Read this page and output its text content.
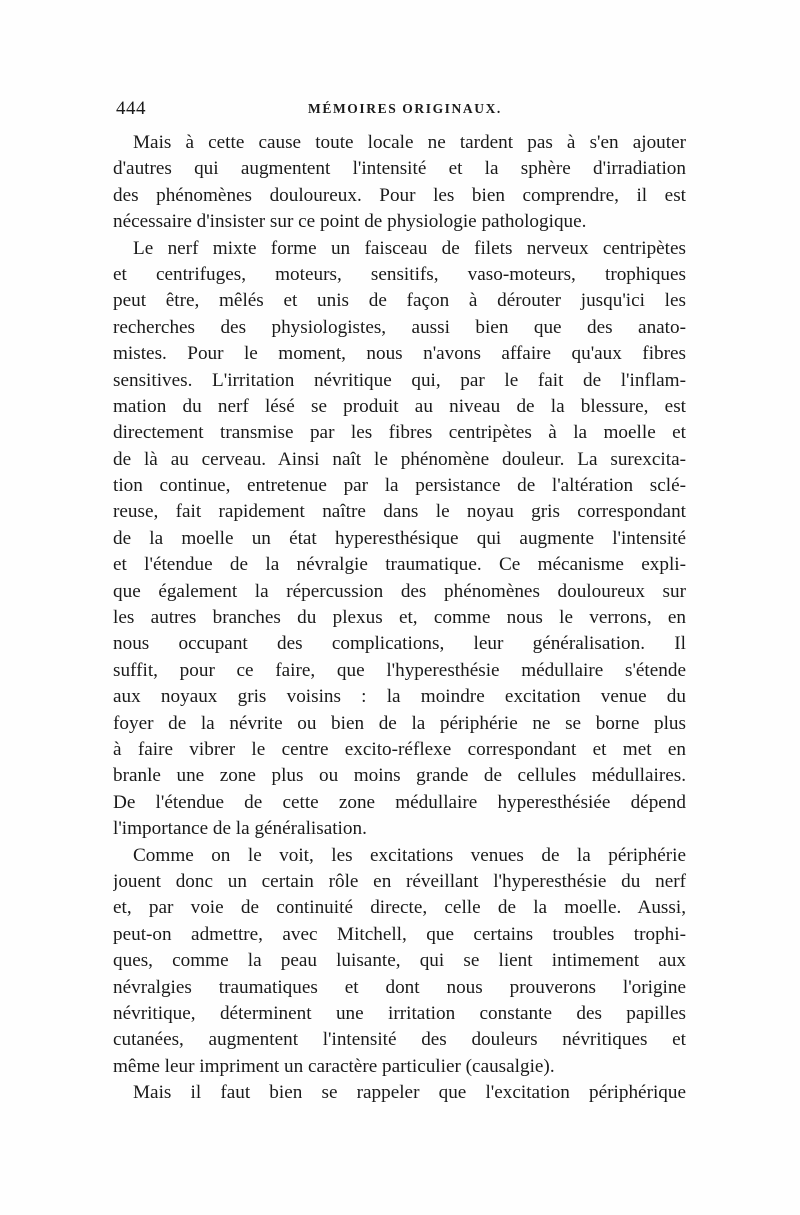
444	MÉMOIRES ORIGINAUX.
Mais à cette cause toute locale ne tardent pas à s'en ajouter
d'autres qui augmentent l'intensité et la sphère d'irradiation
des phénomènes douloureux. Pour les bien comprendre, il est
nécessaire d'insister sur ce point de physiologie pathologique.
Le nerf mixte forme un faisceau de filets nerveux centripètes
et centrifuges, moteurs, sensitifs, vaso-moteurs, trophiques
peut être, mêlés et unis de façon à dérouter jusqu'ici les
recherches des physiologistes, aussi bien que des anato-
mistes. Pour le moment, nous n'avons affaire qu'aux fibres
sensitives. L'irritation névritique qui, par le fait de l'inflam-
mation du nerf lésé se produit au niveau de la blessure, est
directement transmise par les fibres centripètes à la moelle et
de là au cerveau. Ainsi naît le phénomène douleur. La surexcita-
tion continue, entretenue par la persistance de l'altération sclé-
reuse, fait rapidement naître dans le noyau gris correspondant
de la moelle un état hyperesthésique qui augmente l'intensité
et l'étendue de la névralgie traumatique. Ce mécanisme expli-
que également la répercussion des phénomènes douloureux sur
les autres branches du plexus et, comme nous le verrons, en
nous occupant des complications, leur généralisation. Il
suffit, pour ce faire, que l'hyperesthésie médullaire s'étende
aux noyaux gris voisins : la moindre excitation venue du
foyer de la névrite ou bien de la périphérie ne se borne plus
à faire vibrer le centre excito-réflexe correspondant et met en
branle une zone plus ou moins grande de cellules médullaires.
De l'étendue de cette zone médullaire hyperesthésiée dépend
l'importance de la généralisation.
Comme on le voit, les excitations venues de la périphérie
jouent donc un certain rôle en réveillant l'hyperesthésie du nerf
et, par voie de continuité directe, celle de la moelle. Aussi,
peut-on admettre, avec Mitchell, que certains troubles trophi-
ques, comme la peau luisante, qui se lient intimement aux
névralgies traumatiques et dont nous prouverons l'origine
névritique, déterminent une irritation constante des papilles
cutanées, augmentent l'intensité des douleurs névritiques et
même leur impriment un caractère particulier (causalgie).
Mais il faut bien se rappeler que l'excitation périphérique
